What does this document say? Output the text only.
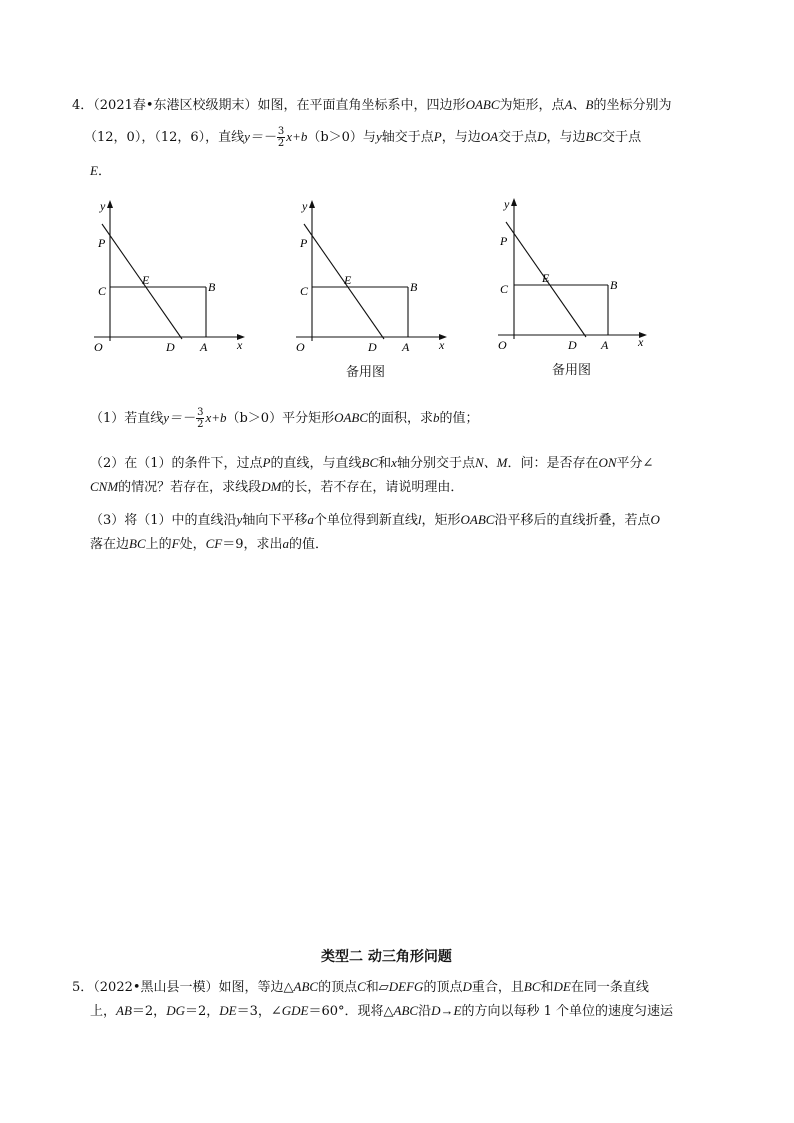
4．（2021春•东港区校级期末）如图，在平面直角坐标系中，四边形OABC为矩形，点A、B的坐标分别为
（12，0），（12，6），直线$y=- \frac{3}{2} x+b(b>0)$与y轴交于点P，与边OA交于点D，与边BC交于点
E．
y
x
P
C
E	B
O	D A
y
x
P
C
E	B
O	D A
备用图
y
x
P
C
E	B
O	D A
备用图
（1）若直线$y=- \frac{3}{2} x+b(b>0)$平分矩形OABC的面积，求b的值；
（2）在（1）的条件下，过点P的直线，与直线BC和x轴分别交于点N、M．问：是否存在ON平分∠
CNM的情况？若存在，求线段DM的长，若不存在，请说明理由．
（3）将（1）中的直线沿y轴向下平移a个单位得到新直线l，矩形OABC沿平移后的直线折叠，若点O
落在边BC上的F处，CF＝9，求出a的值．
类型二 动三角形问题
5．（2022•黑山县一模）如图，等边△ABC的顶点C和▱DEFG的顶点D重合，且BC和DE在同一条直线
上，AB＝2，DG＝2，DE＝3，∠GDE＝60°．现将△ABC沿D→E的方向以每秒 1 个单位的速度匀速运
